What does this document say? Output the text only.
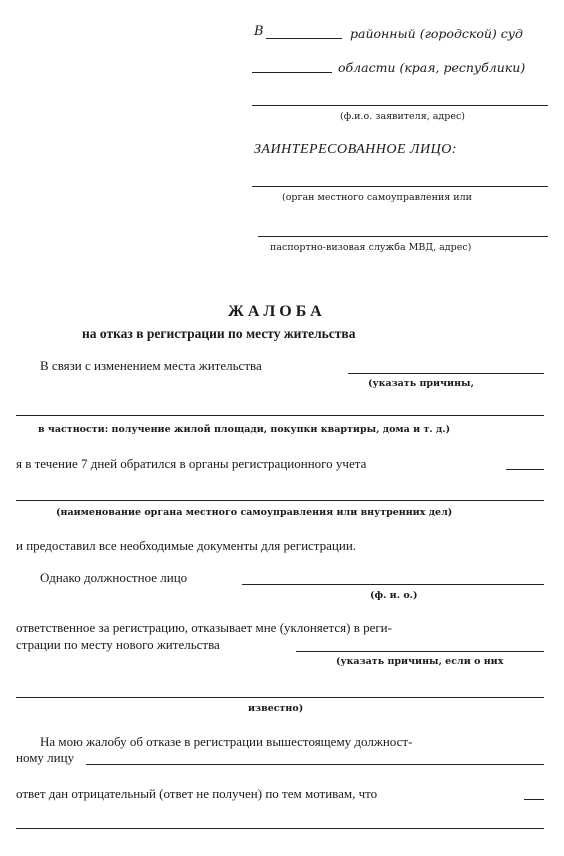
В	районный (городской) суд
области (края, республики)
(ф.и.о. заявителя, адрес)
ЗАИНТЕРЕСОВАННОЕ ЛИЦО:
(орган местного самоуправления или
паспортно-визовая служба МВД, адрес)
ЖАЛОБА
на отказ в регистрации по месту жительства
В связи с изменением места жительства
(указать причины,
в частности: получение жилой площади, покупки квартиры, дома и т. д.)
я в течение 7 дней обратился в органы регистрационного учета
(наименование органа местного самоуправления или внутренних дел)
и предоставил все необходимые документы для регистрации.
Однако должностное лицо
(ф. и. о.)
ответственное за регистрацию, отказывает мне (уклоняется) в реги-
страции по месту нового жительства
(указать причины, если о них
известно)
На мою жалобу об отказе в регистрации вышестоящему должност-
ному лицу
ответ дан отрицательный (ответ не получен) по тем мотивам, что
